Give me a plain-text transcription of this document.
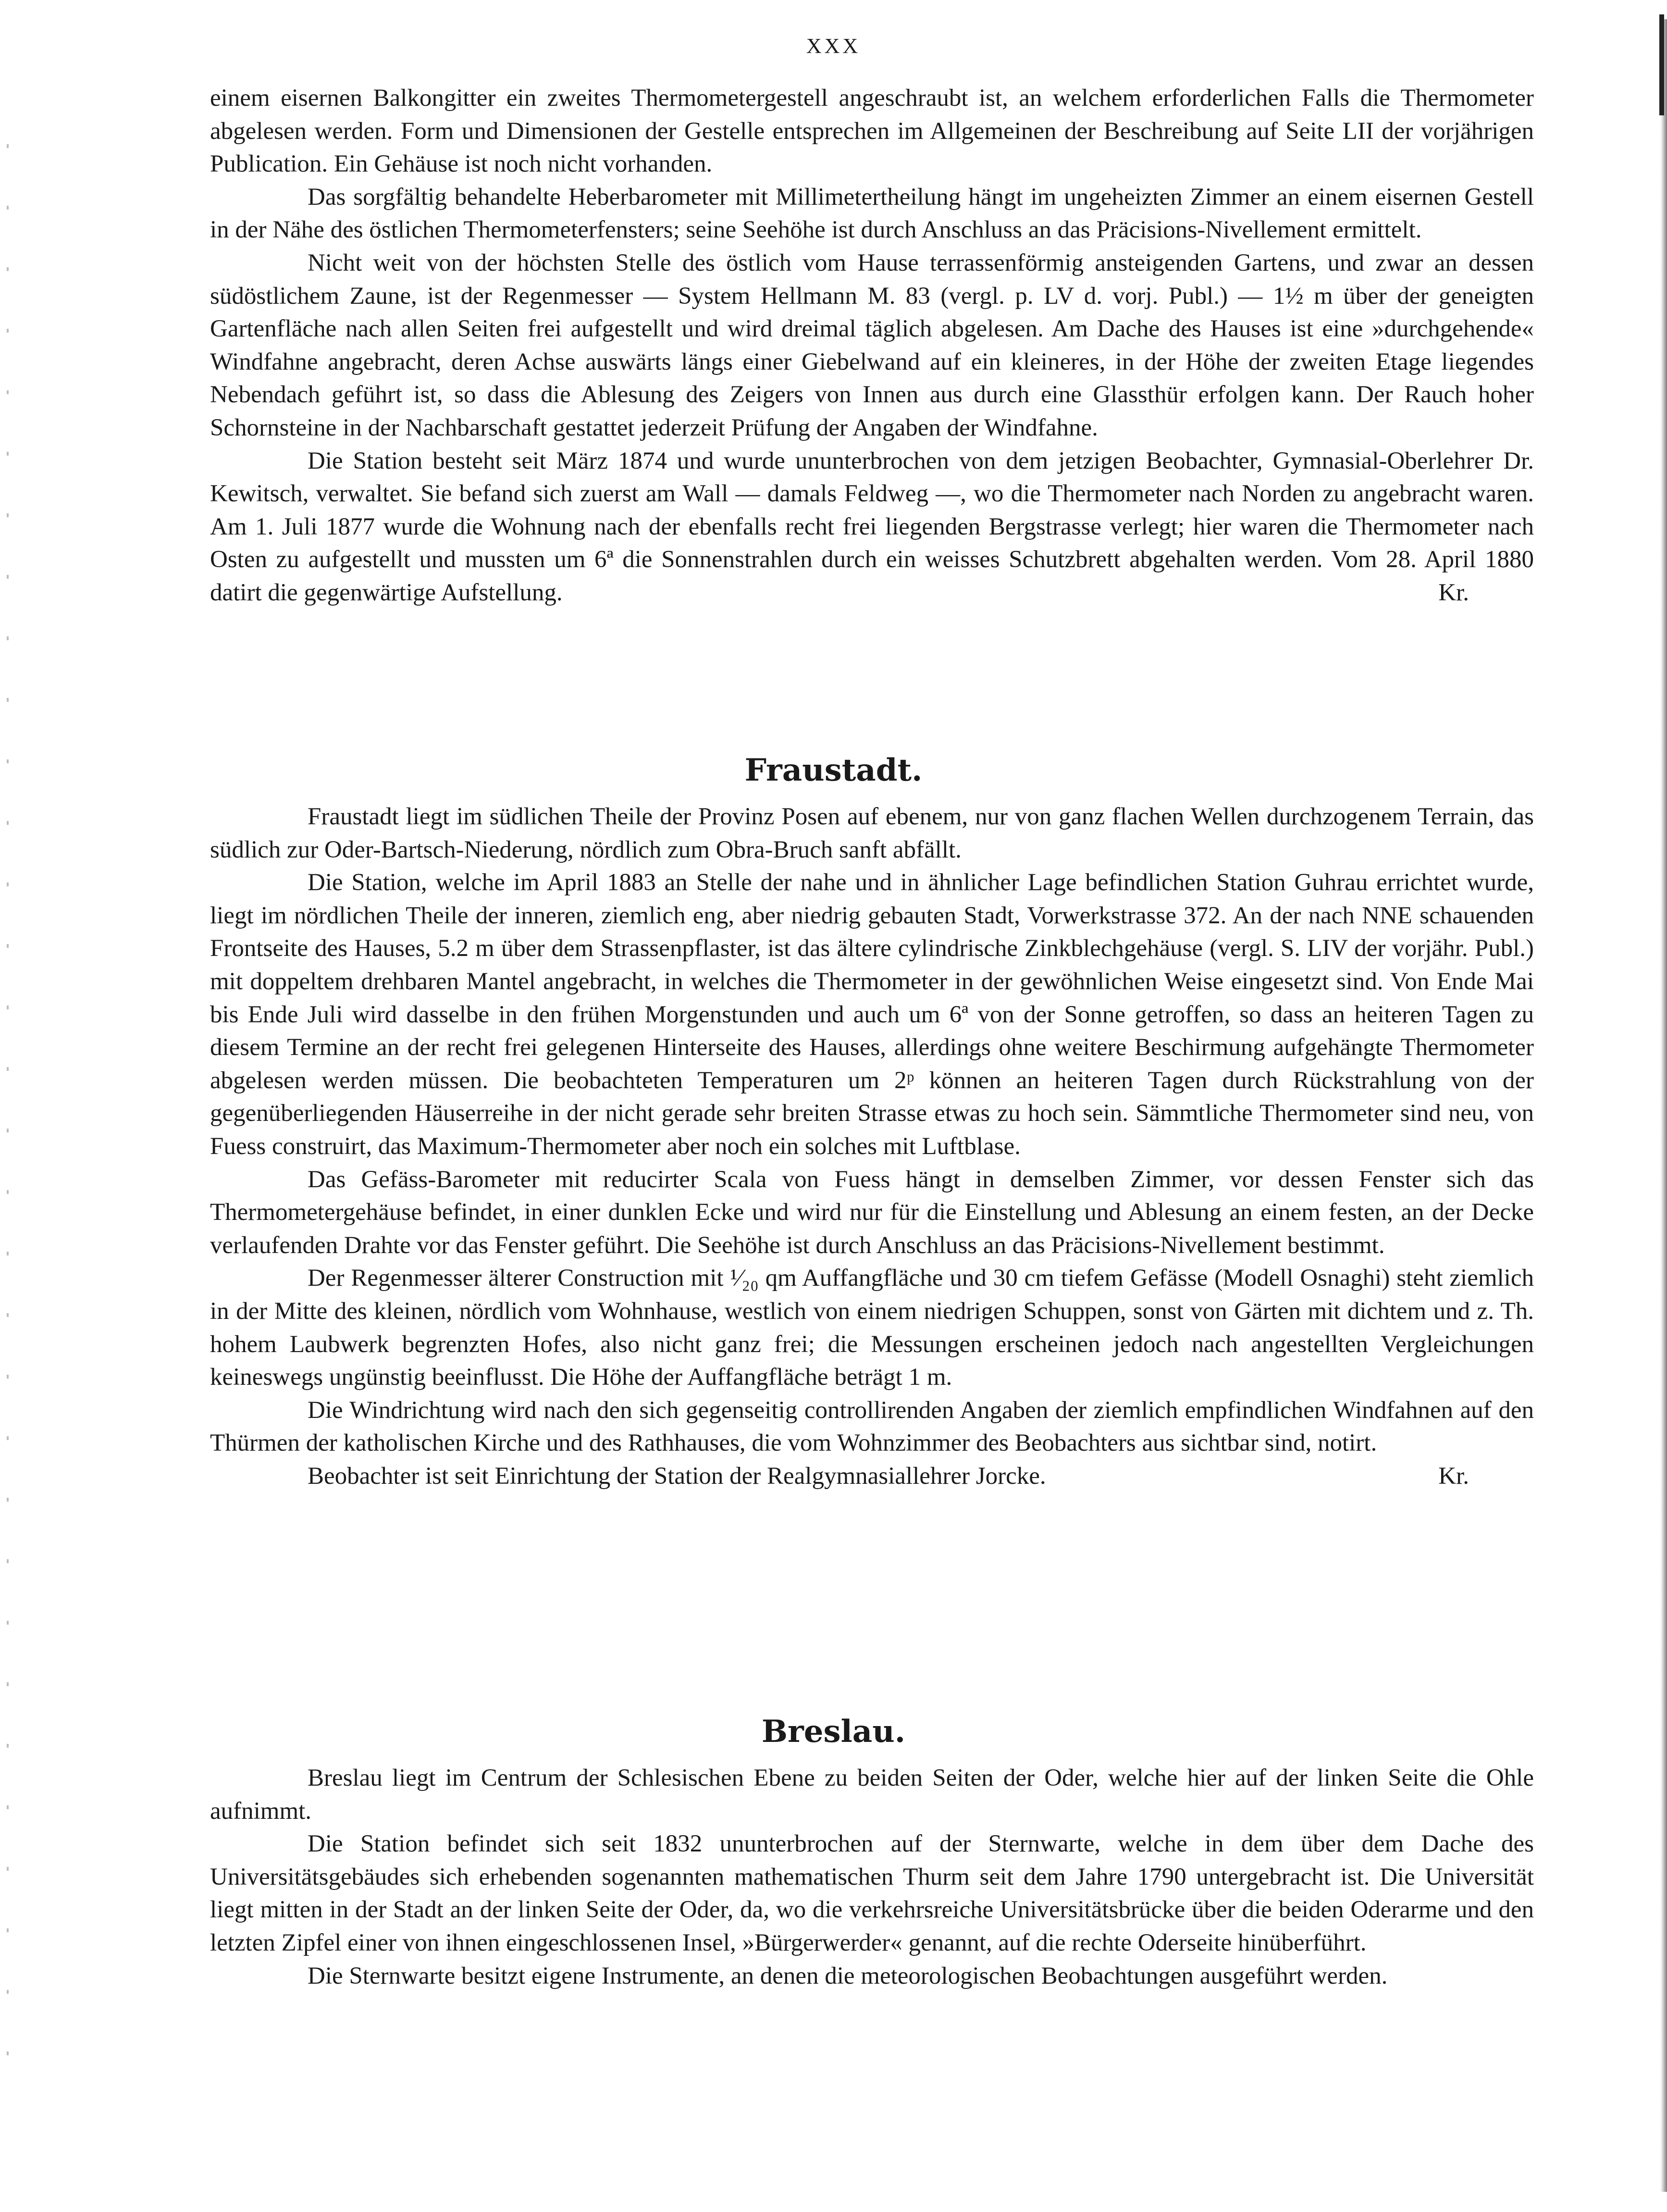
XXX

einem eisernen Balkongitter ein zweites Thermometergestell angeschraubt ist, an welchem erforderlichen Falls die Thermometer abgelesen werden. Form und Dimensionen der Gestelle entsprechen im Allgemeinen der Beschreibung auf Seite LII der vorjährigen Publication. Ein Gehäuse ist noch nicht vorhanden.

Das sorgfältig behandelte Heberbarometer mit Millimetertheilung hängt im ungeheizten Zimmer an einem eisernen Gestell in der Nähe des östlichen Thermometerfensters; seine Seehöhe ist durch Anschluss an das Präcisions-Nivellement ermittelt.

Nicht weit von der höchsten Stelle des östlich vom Hause terrassenförmig ansteigenden Gartens, und zwar an dessen südöstlichem Zaune, ist der Regenmesser — System Hellmann M. 83 (vergl. p. LV d. vorj. Publ.) — 1½ m über der geneigten Gartenfläche nach allen Seiten frei aufgestellt und wird dreimal täglich abgelesen. Am Dache des Hauses ist eine »durchgehende« Windfahne angebracht, deren Achse auswärts längs einer Giebelwand auf ein kleineres, in der Höhe der zweiten Etage liegendes Nebendach geführt ist, so dass die Ablesung des Zeigers von Innen aus durch eine Glassthür erfolgen kann. Der Rauch hoher Schornsteine in der Nachbarschaft gestattet jederzeit Prüfung der Angaben der Windfahne.

Die Station besteht seit März 1874 und wurde ununterbrochen von dem jetzigen Beobachter, Gymnasial-Oberlehrer Dr. Kewitsch, verwaltet. Sie befand sich zuerst am Wall — damals Feldweg —, wo die Thermometer nach Norden zu angebracht waren. Am 1. Juli 1877 wurde die Wohnung nach der ebenfalls recht frei liegenden Bergstrasse verlegt; hier waren die Thermometer nach Osten zu aufgestellt und mussten um 6ª die Sonnenstrahlen durch ein weisses Schutzbrett abgehalten werden. Vom 28. April 1880 datirt die gegenwärtige Aufstellung.	Kr.

Fraustadt.

Fraustadt liegt im südlichen Theile der Provinz Posen auf ebenem, nur von ganz flachen Wellen durchzogenem Terrain, das südlich zur Oder-Bartsch-Niederung, nördlich zum Obra-Bruch sanft abfällt.

Die Station, welche im April 1883 an Stelle der nahe und in ähnlicher Lage befindlichen Station Guhrau errichtet wurde, liegt im nördlichen Theile der inneren, ziemlich eng, aber niedrig gebauten Stadt, Vorwerkstrasse 372. An der nach NNE schauenden Frontseite des Hauses, 5.2 m über dem Strassenpflaster, ist das ältere cylindrische Zinkblechgehäuse (vergl. S. LIV der vorjähr. Publ.) mit doppeltem drehbaren Mantel angebracht, in welches die Thermometer in der gewöhnlichen Weise eingesetzt sind. Von Ende Mai bis Ende Juli wird dasselbe in den frühen Morgenstunden und auch um 6ª von der Sonne getroffen, so dass an heiteren Tagen zu diesem Termine an der recht frei gelegenen Hinterseite des Hauses, allerdings ohne weitere Beschirmung aufgehängte Thermometer abgelesen werden müssen. Die beobachteten Temperaturen um 2ᵖ können an heiteren Tagen durch Rückstrahlung von der gegenüberliegenden Häuserreihe in der nicht gerade sehr breiten Strasse etwas zu hoch sein. Sämmtliche Thermometer sind neu, von Fuess construirt, das Maximum-Thermometer aber noch ein solches mit Luftblase.

Das Gefäss-Barometer mit reducirter Scala von Fuess hängt in demselben Zimmer, vor dessen Fenster sich das Thermometergehäuse befindet, in einer dunklen Ecke und wird nur für die Einstellung und Ablesung an einem festen, an der Decke verlaufenden Drahte vor das Fenster geführt. Die Seehöhe ist durch Anschluss an das Präcisions-Nivellement bestimmt.

Der Regenmesser älterer Construction mit ¹⁄₂₀ qm Auffangfläche und 30 cm tiefem Gefässe (Modell Osnaghi) steht ziemlich in der Mitte des kleinen, nördlich vom Wohnhause, westlich von einem niedrigen Schuppen, sonst von Gärten mit dichtem und z. Th. hohem Laubwerk begrenzten Hofes, also nicht ganz frei; die Messungen erscheinen jedoch nach angestellten Vergleichungen keineswegs ungünstig beeinflusst. Die Höhe der Auffangfläche beträgt 1 m.

Die Windrichtung wird nach den sich gegenseitig controllirenden Angaben der ziemlich empfindlichen Windfahnen auf den Thürmen der katholischen Kirche und des Rathhauses, die vom Wohnzimmer des Beobachters aus sichtbar sind, notirt.

Beobachter ist seit Einrichtung der Station der Realgymnasiallehrer Jorcke.	Kr.

Breslau.

Breslau liegt im Centrum der Schlesischen Ebene zu beiden Seiten der Oder, welche hier auf der linken Seite die Ohle aufnimmt.

Die Station befindet sich seit 1832 ununterbrochen auf der Sternwarte, welche in dem über dem Dache des Universitätsgebäudes sich erhebenden sogenannten mathematischen Thurm seit dem Jahre 1790 untergebracht ist. Die Universität liegt mitten in der Stadt an der linken Seite der Oder, da, wo die verkehrsreiche Universitätsbrücke über die beiden Oderarme und den letzten Zipfel einer von ihnen eingeschlossenen Insel, »Bürgerwerder« genannt, auf die rechte Oderseite hinüberführt.

Die Sternwarte besitzt eigene Instrumente, an denen die meteorologischen Beobachtungen ausgeführt werden.
